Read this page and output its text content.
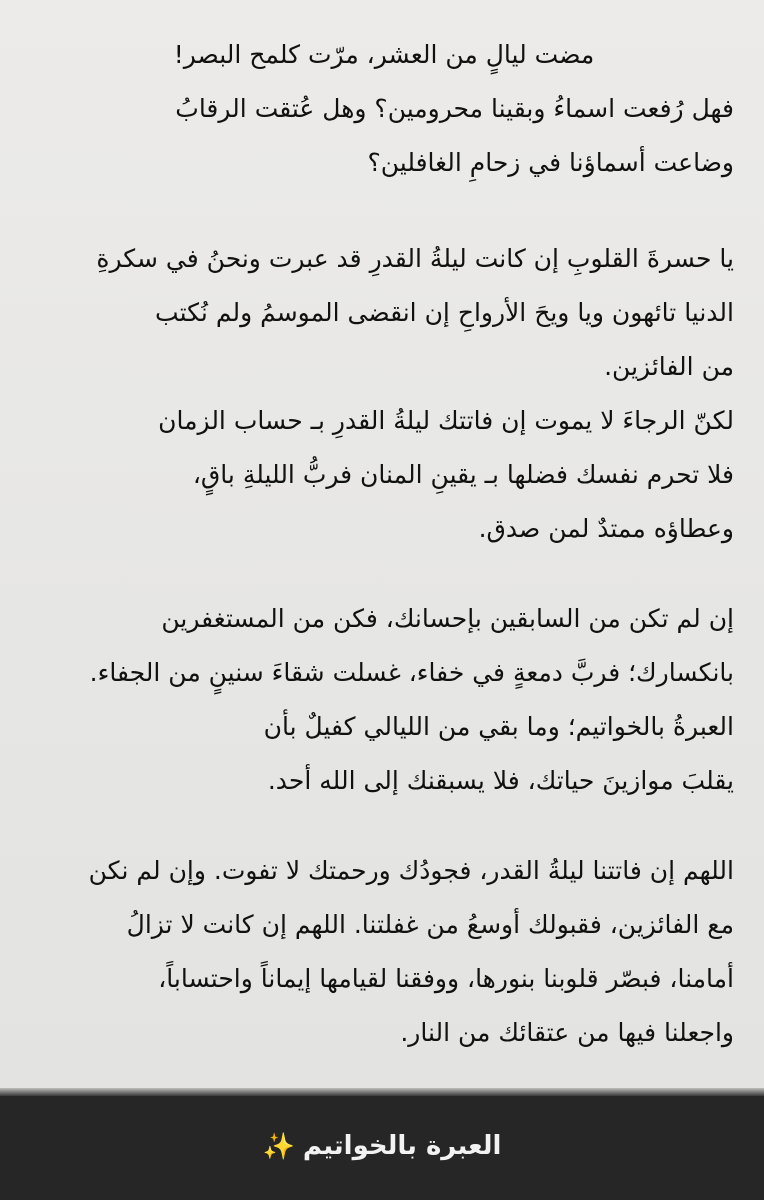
مضت ليالٍ من العشر، مرّت كلمح البصر!
فهل رُفعت اسماءُ وبقينا محرومين؟ وهل عُتقت الرقابُ
وضاعت أسماؤنا في زحامِ الغافلين؟
يا حسرةَ القلوبِ إن كانت ليلةُ القدرِ قد عبرت ونحنُ في سكرةِ
الدنيا تائهون ويا ويحَ الأرواحِ إن انقضى الموسمُ ولم نُكتب
من الفائزين.
لكنّ الرجاءَ لا يموت إن فاتتك ليلةُ القدرِ بـ حساب الزمان
فلا تحرم نفسك فضلها بـ يقينِ المنان فربُّ الليلةِ باقٍ،
وعطاؤه ممتدٌ لمن صدق.
إن لم تكن من السابقين بإحسانك، فكن من المستغفرين
بانكسارك؛ فربَّ دمعةٍ في خفاء، غسلت شقاءَ سنينٍ من الجفاء.
العبرةُ بالخواتيم؛ وما بقي من الليالي كفيلٌ بأن
يقلبَ موازينَ حياتك، فلا يسبقنك إلى الله أحد.
اللهم إن فاتتنا ليلةُ القدر، فجودُك ورحمتك لا تفوت. وإن لم نكن
مع الفائزين، فقبولك أوسعُ من غفلتنا. اللهم إن كانت لا تزالُ
أمامنا، فبصّر قلوبنا بنورها، ووفقنا لقيامها إيماناً واحتساباً،
واجعلنا فيها من عتقائك من النار.
العبرة بالخواتيم✨
